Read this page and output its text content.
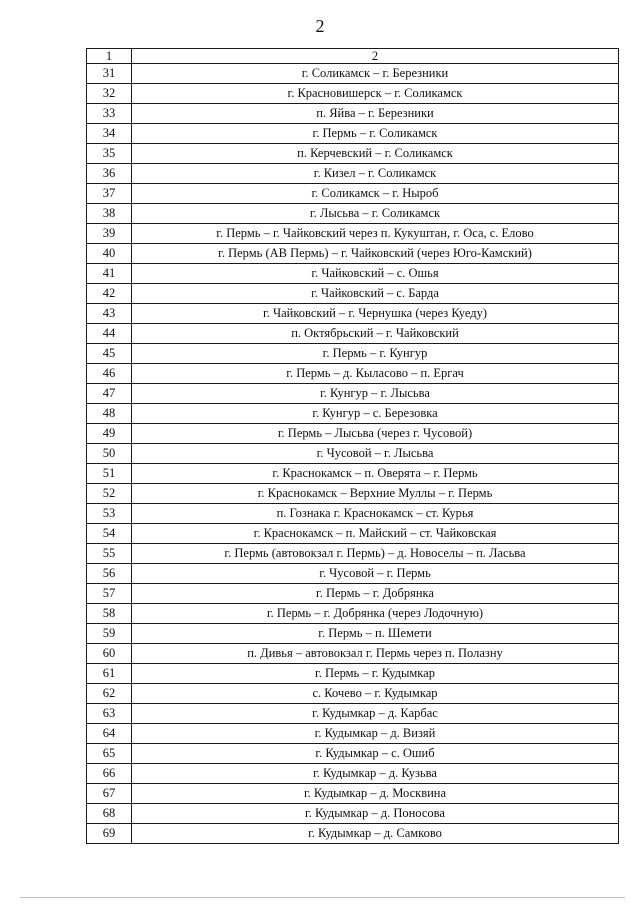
2
1	2
31	г. Соликамск – г. Березники
32	г. Красновишерск – г. Соликамск
33	п. Яйва – г. Березники
34	г. Пермь – г. Соликамск
35	п. Керчевский – г. Соликамск
36	г. Кизел – г. Соликамск
37	г. Соликамск – г. Ныроб
38	г. Лысьва – г. Соликамск
39	г. Пермь – г. Чайковский через п. Кукуштан, г. Оса, с. Елово
40	г. Пермь (АВ Пермь) – г. Чайковский (через Юго-Камский)
41	г. Чайковский – с. Ошья
42	г. Чайковский – с. Барда
43	г. Чайковский – г. Чернушка (через Куеду)
44	п. Октябрьский – г. Чайковский
45	г. Пермь – г. Кунгур
46	г. Пермь – д. Кыласово – п. Ергач
47	г. Кунгур – г. Лысьва
48	г. Кунгур – с. Березовка
49	г. Пермь – Лысьва (через г. Чусовой)
50	г. Чусовой – г. Лысьва
51	г. Краснокамск – п. Оверята – г. Пермь
52	г. Краснокамск – Верхние Муллы – г. Пермь
53	п. Гознака г. Краснокамск – ст. Курья
54	г. Краснокамск – п. Майский – ст. Чайковская
55	г. Пермь (автовокзал г. Пермь) – д. Новоселы – п. Ласьва
56	г. Чусовой – г. Пермь
57	г. Пермь – г. Добрянка
58	г. Пермь – г. Добрянка (через Лодочную)
59	г. Пермь – п. Шемети
60	п. Дивья – автовокзал г. Пермь через п. Полазну
61	г. Пермь – г. Кудымкар
62	с. Кочево – г. Кудымкар
63	г. Кудымкар – д. Карбас
64	г. Кудымкар – д. Визяй
65	г. Кудымкар – с. Ошиб
66	г. Кудымкар – д. Кузьва
67	г. Кудымкар – д. Москвина
68	г. Кудымкар – д. Поносова
69	г. Кудымкар – д. Самково
